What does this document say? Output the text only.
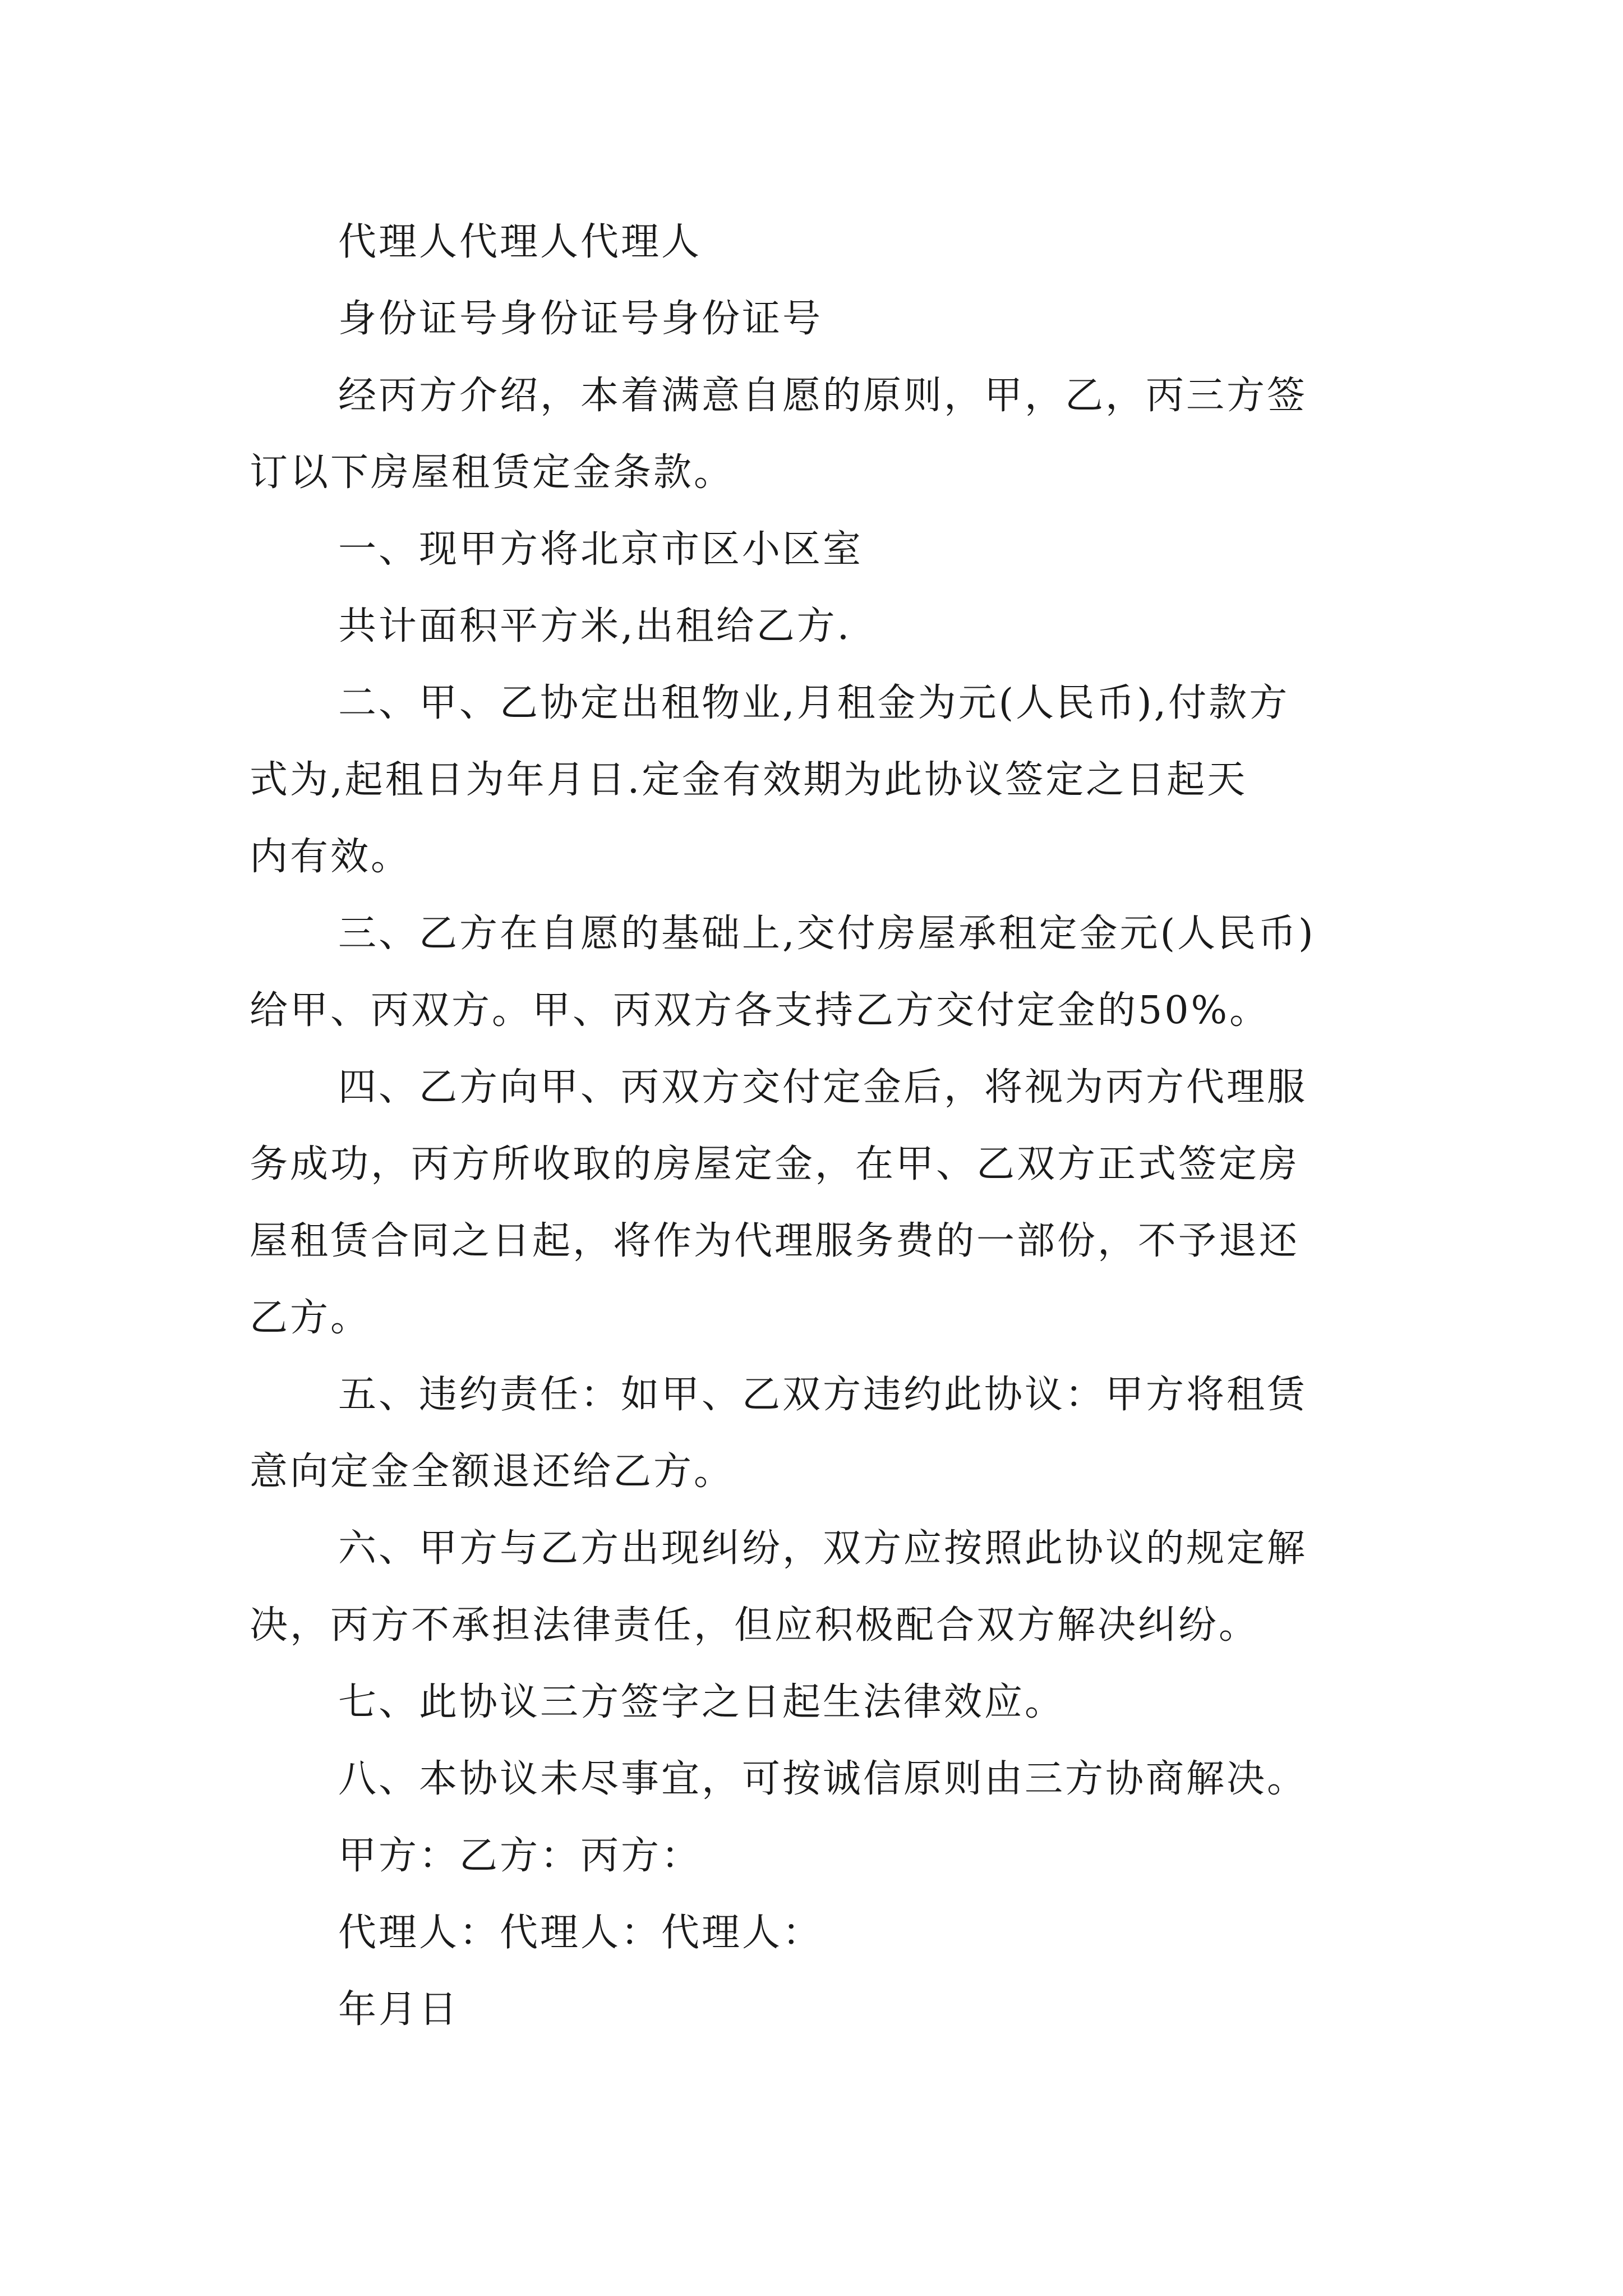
代理人代理人代理人

身份证号身份证号身份证号

经丙方介绍，本着满意自愿的原则，甲，乙，丙三方签

订以下房屋租赁定金条款。

一、现甲方将北京市区小区室

共计面积平方米,出租给乙方.

二、甲、乙协定出租物业,月租金为元(人民币),付款方

式为,起租日为年月日.定金有效期为此协议签定之日起天

内有效。

三、乙方在自愿的基础上,交付房屋承租定金元(人民币)

给甲、丙双方。甲、丙双方各支持乙方交付定金的50%。

四、乙方向甲、丙双方交付定金后，将视为丙方代理服

务成功，丙方所收取的房屋定金，在甲、乙双方正式签定房

屋租赁合同之日起，将作为代理服务费的一部份，不予退还

乙方。

五、违约责任：如甲、乙双方违约此协议：甲方将租赁

意向定金全额退还给乙方。

六、甲方与乙方出现纠纷，双方应按照此协议的规定解

决，丙方不承担法律责任，但应积极配合双方解决纠纷。

七、此协议三方签字之日起生法律效应。

八、本协议未尽事宜，可按诚信原则由三方协商解决。

甲方：乙方：丙方：

代理人：代理人：代理人：

年月日
